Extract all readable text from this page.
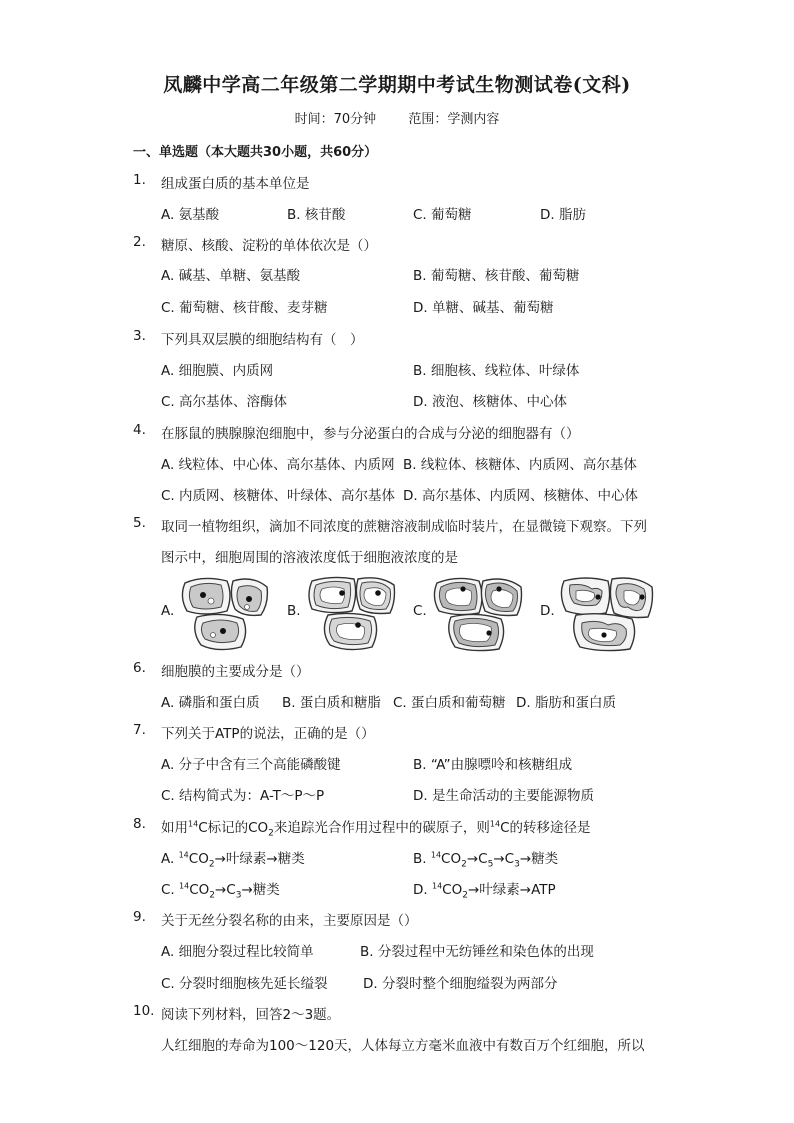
凤麟中学高二年级第二学期期中考试生物测试卷(文科)
时间：70分钟 范围：学测内容
一、单选题（本大题共30小题，共60分）
1. 组成蛋白质的基本单位是
A. 氨基酸	B. 核苷酸	C. 葡萄糖	D. 脂肪
2. 糖原、核酸、淀粉的单体依次是（）
A. 碱基、单糖、氨基酸	B. 葡萄糖、核苷酸、葡萄糖
C. 葡萄糖、核苷酸、麦芽糖	D. 单糖、碱基、葡萄糖
3. 下列具双层膜的细胞结构有（　）
A. 细胞膜、内质网	B. 细胞核、线粒体、叶绿体
C. 高尔基体、溶酶体	D. 液泡、核糖体、中心体
4. 在豚鼠的胰腺腺泡细胞中，参与分泌蛋白的合成与分泌的细胞器有（）
A. 线粒体、中心体、高尔基体、内质网 B. 线粒体、核糖体、内质网、高尔基体
C. 内质网、核糖体、叶绿体、高尔基体 D. 高尔基体、内质网、核糖体、中心体
5. 取同一植物组织，滴加不同浓度的蔗糖溶液制成临时装片，在显微镜下观察。下列
图示中，细胞周围的溶液浓度低于细胞液浓度的是
A.	B.	C.	D.
6. 细胞膜的主要成分是（）
A. 磷脂和蛋白质 B. 蛋白质和糖脂 C. 蛋白质和葡萄糖 D. 脂肪和蛋白质
7. 下列关于ATP的说法，正确的是（）
A. 分子中含有三个高能磷酸键	B. “A”由腺嘌呤和核糖组成
C. 结构简式为：A-T～P～P	D. 是生命活动的主要能源物质
8. 如用$^{14}$C标记的$CO_2$来追踪光合作用过程中的碳原子，则$^{14}$C的转移途径是
A. $^{14}CO_2\to$叶绿素→糖类	B. $^{14}CO_2\to C_5\to C_3\to$糖类
C. $^{14}CO_2\to C_3\to$糖类	D. $^{14}CO_2\to$叶绿素→ATP
9. 关于无丝分裂名称的由来，主要原因是（）
A. 细胞分裂过程比较简单	B. 分裂过程中无纺锤丝和染色体的出现
C. 分裂时细胞核先延长缢裂	D. 分裂时整个细胞缢裂为两部分
10. 阅读下列材料，回答2～3题。
人红细胞的寿命为100～120天，人体每立方毫米血液中有数百万个红细胞，所以
